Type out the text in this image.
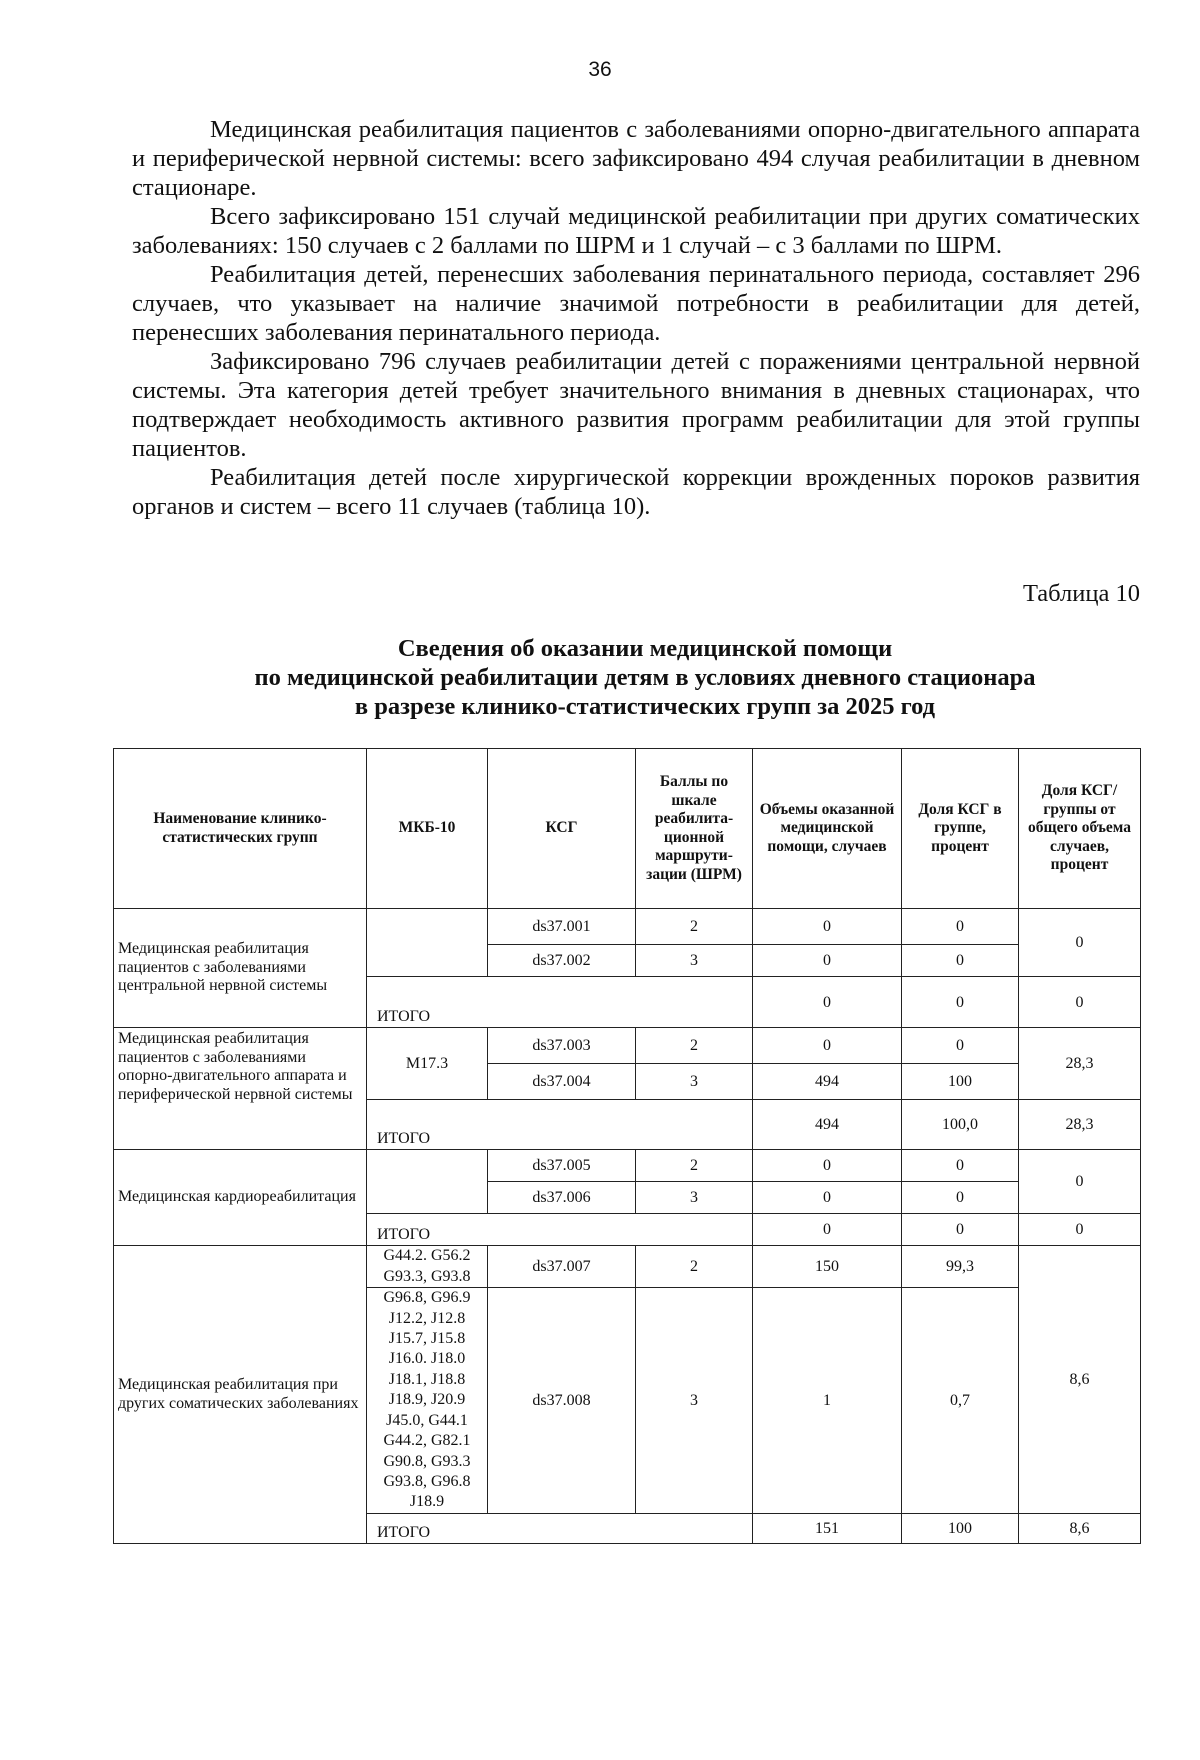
36

Медицинская реабилитация пациентов с заболеваниями опорно-двигательного аппарата и периферической нервной системы: всего зафиксировано 494 случая реабилитации в дневном стационаре.

Всего зафиксировано 151 случай медицинской реабилитации при других соматических заболеваниях: 150 случаев с 2 баллами по ШРМ и 1 случай – с 3 баллами по ШРМ.

Реабилитация детей, перенесших заболевания перинатального периода, составляет 296 случаев, что указывает на наличие значимой потребности в реабилитации для детей, перенесших заболевания перинатального периода.

Зафиксировано 796 случаев реабилитации детей с поражениями центральной нервной системы. Эта категория детей требует значительного внимания в дневных стационарах, что подтверждает необходимость активного развития программ реабилитации для этой группы пациентов.

Реабилитация детей после хирургической коррекции врожденных пороков развития органов и систем – всего 11 случаев (таблица 10).

Таблица 10
Сведения об оказании медицинской помощи
по медицинской реабилитации детям в условиях дневного стационара
в разрезе клинико-статистических групп за 2025 год
Наименование клинико-статистических групп	МКБ-10	КСГ	Баллы по шкале реабилита-ционной маршрути-зации (ШРМ)	Объемы оказанной медицинской помощи, случаев	Доля КСГ в группе, процент	Доля КСГ/ группы от общего объема случаев, процент
Медицинская реабилитация пациентов с заболеваниями центральной нервной системы		ds37.001	2	0	0	0
		ds37.002	3	0	0	
	ИТОГО			0	0	0
Медицинская реабилитация пациентов с заболеваниями опорно-двигательного аппарата и периферической нервной системы	M17.3	ds37.003	2	0	0	28,3
		ds37.004	3	494	100	
	ИТОГО			494	100,0	28,3
Медицинская кардиореабилитация		ds37.005	2	0	0	0
		ds37.006	3	0	0	
	ИТОГО			0	0	0
Медицинская реабилитация при других соматических заболеваниях	G44.2. G56.2 G93.3, G93.8	ds37.007	2	150	99,3	8,6
	G96.8, G96.9 J12.2, J12.8 J15.7, J15.8 J16.0. J18.0 J18.1, J18.8 J18.9, J20.9 J45.0, G44.1 G44.2, G82.1 G90.8, G93.3 G93.8, G96.8 J18.9	ds37.008	3	1	0,7	
	ИТОГО			151	100	8,6
